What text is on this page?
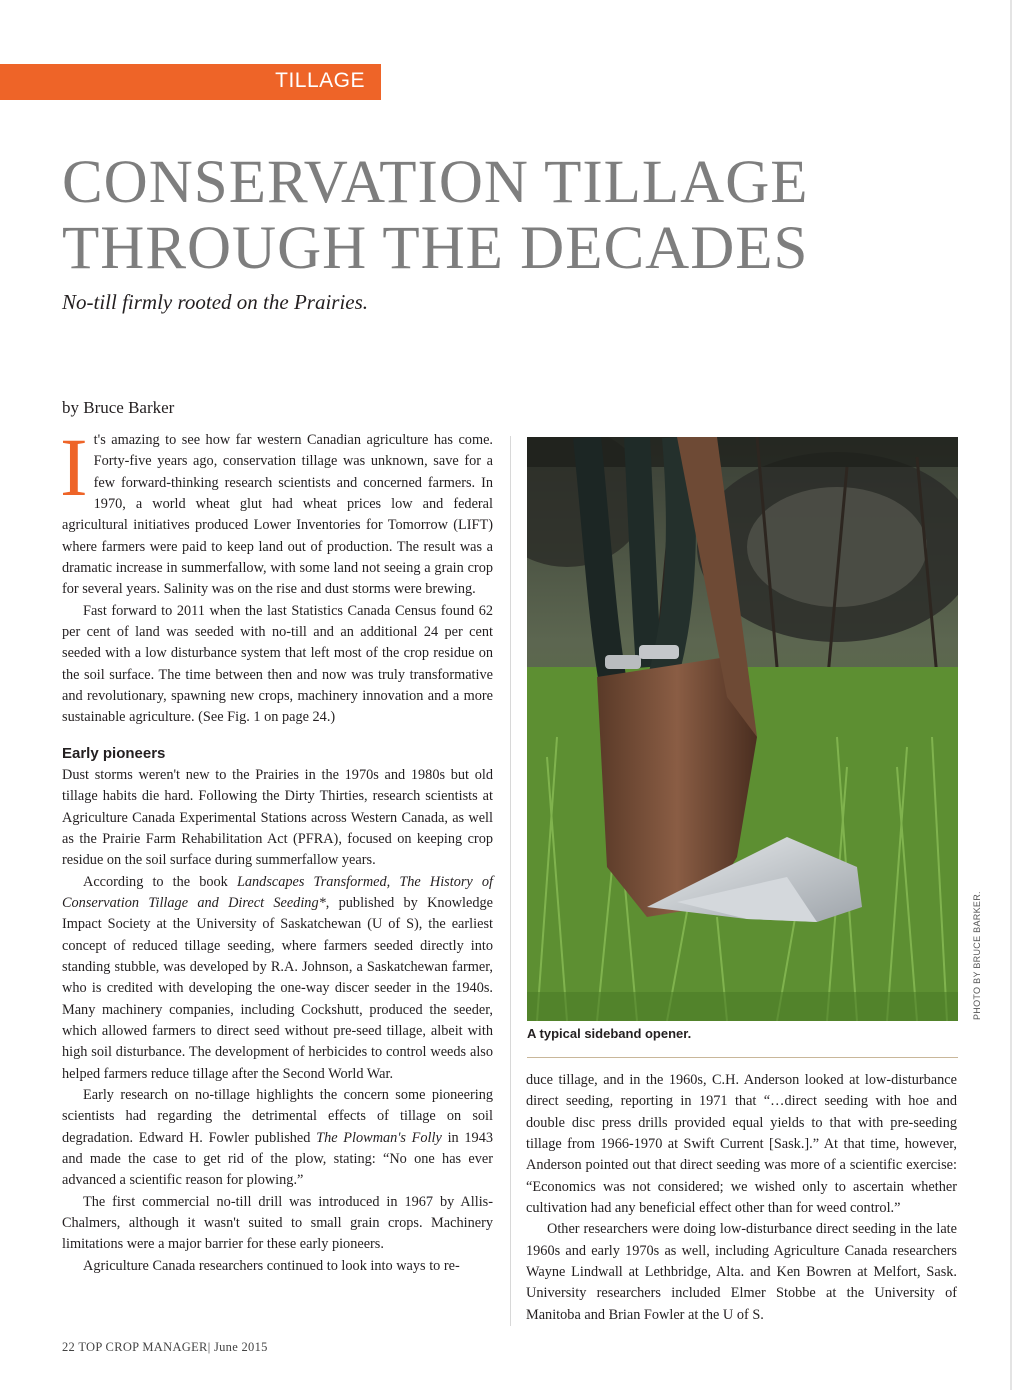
TILLAGE
CONSERVATION TILLAGE
THROUGH THE DECADES
No-till firmly rooted on the Prairies.
by Bruce Barker

It's amazing to see how far western Canadian agriculture has come. Forty-five years ago, conservation tillage was unknown, save for a few forward-thinking research scientists and concerned farmers. In 1970, a world wheat glut had wheat prices low and federal agricultural initiatives produced Lower Inventories for Tomorrow (LIFT) where farmers were paid to keep land out of production. The result was a dramatic increase in summerfallow, with some land not seeing a grain crop for several years. Salinity was on the rise and dust storms were brewing.

Fast forward to 2011 when the last Statistics Canada Census found 62 per cent of land was seeded with no-till and an additional 24 per cent seeded with a low disturbance system that left most of the crop residue on the soil surface. The time between then and now was truly transformative and revolutionary, spawning new crops, machinery innovation and a more sustainable agriculture. (See Fig. 1 on page 24.)

Early pioneers

Dust storms weren't new to the Prairies in the 1970s and 1980s but old tillage habits die hard. Following the Dirty Thirties, research scientists at Agriculture Canada Experimental Stations across Western Canada, as well as the Prairie Farm Rehabilitation Act (PFRA), focused on keeping crop residue on the soil surface during summerfallow years.

According to the book Landscapes Transformed, The History of Conservation Tillage and Direct Seeding*, published by Knowledge Impact Society at the University of Saskatchewan (U of S), the earliest concept of reduced tillage seeding, where farmers seeded directly into standing stubble, was developed by R.A. Johnson, a Saskatchewan farmer, who is credited with developing the one-way discer seeder in the 1940s. Many machinery companies, including Cockshutt, produced the seeder, which allowed farmers to direct seed without pre-seed tillage, albeit with high soil disturbance. The development of herbicides to control weeds also helped farmers reduce tillage after the Second World War.

Early research on no-tillage highlights the concern some pioneering scientists had regarding the detrimental effects of tillage on soil degradation. Edward H. Fowler published The Plowman's Folly in 1943 and made the case to get rid of the plow, stating: “No one has ever advanced a scientific reason for plowing.”

The first commercial no-till drill was introduced in 1967 by Allis-Chalmers, although it wasn't suited to small grain crops. Machinery limitations were a major barrier for these early pioneers.

Agriculture Canada researchers continued to look into ways to re-

PHOTO BY BRUCE BARKER.
A typical sideband opener.

duce tillage, and in the 1960s, C.H. Anderson looked at low-disturbance direct seeding, reporting in 1971 that “…direct seeding with hoe and double disc press drills provided equal yields to that with pre-seeding tillage from 1966-1970 at Swift Current [Sask.].” At that time, however, Anderson pointed out that direct seeding was more of a scientific exercise: “Economics was not considered; we wished only to ascertain whether cultivation had any beneficial effect other than for weed control.”

Other researchers were doing low-disturbance direct seeding in the late 1960s and early 1970s as well, including Agriculture Canada researchers Wayne Lindwall at Lethbridge, Alta. and Ken Bowren at Melfort, Sask. University researchers included Elmer Stobbe at the University of Manitoba and Brian Fowler at the U of S.

22 TOP CROP MANAGER| June 2015
